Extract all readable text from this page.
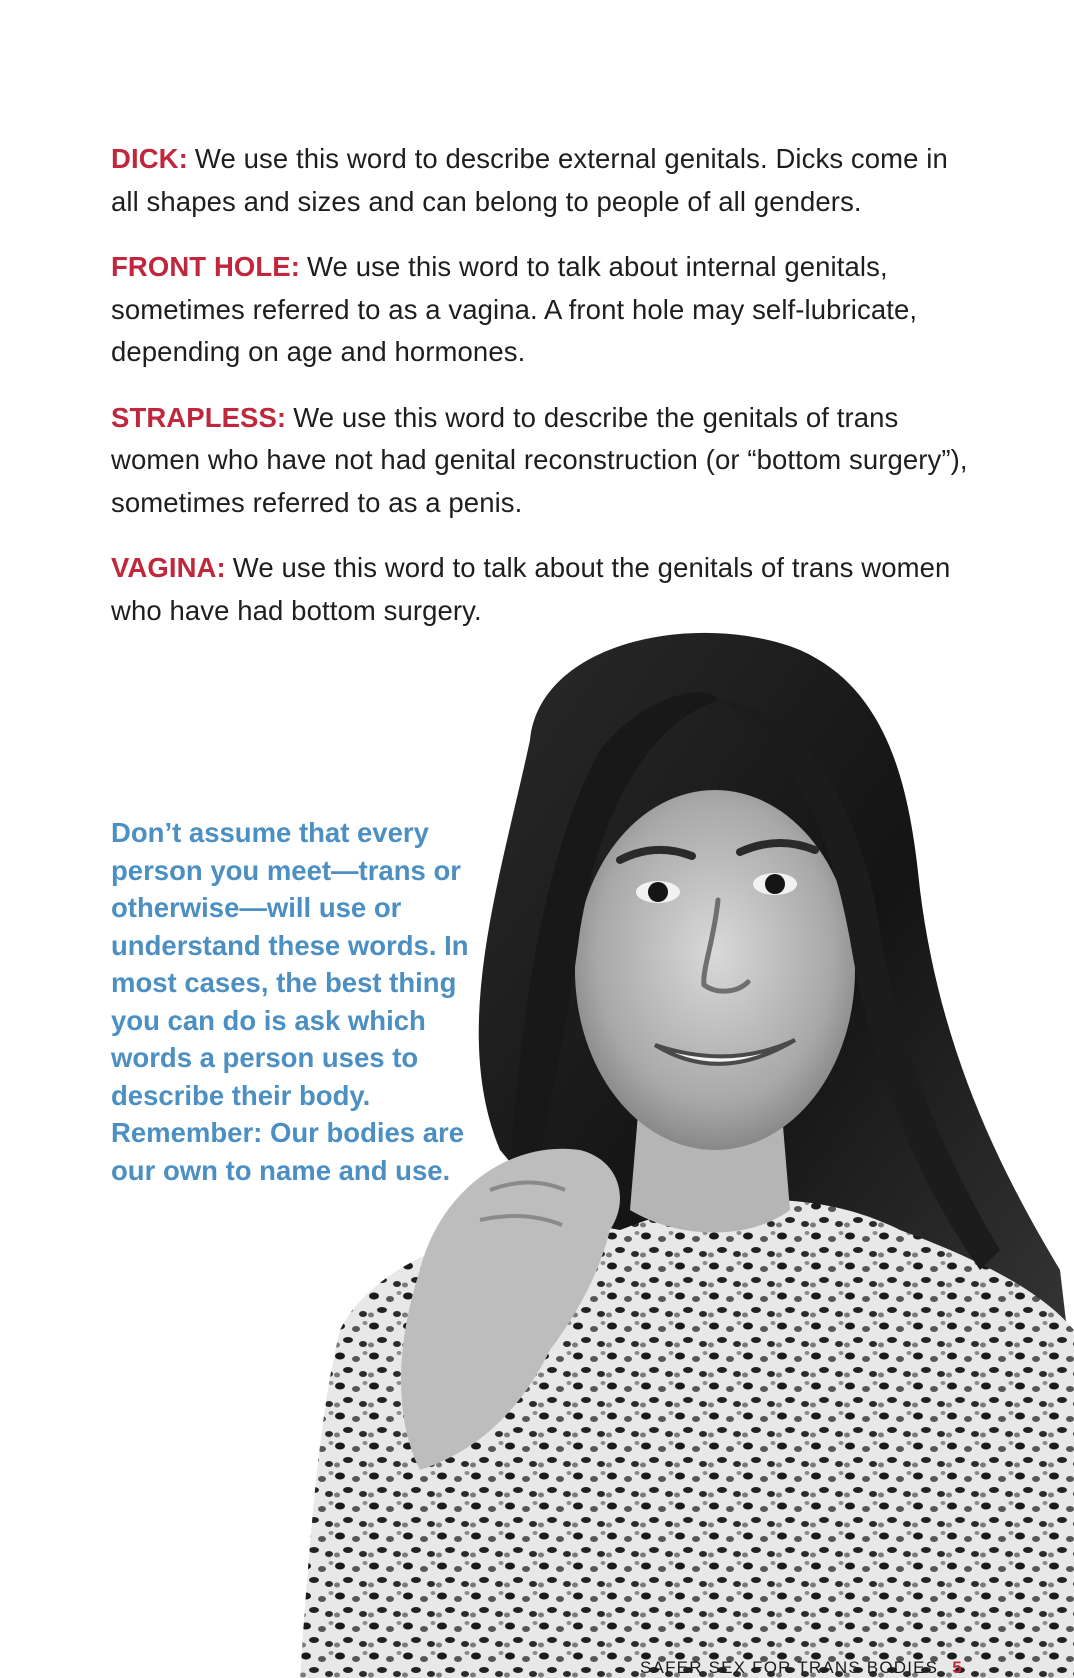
DICK: We use this word to describe external genitals. Dicks come in all shapes and sizes and can belong to people of all genders.

FRONT HOLE: We use this word to talk about internal genitals, sometimes referred to as a vagina. A front hole may self-lubricate, depending on age and hormones.

STRAPLESS: We use this word to describe the genitals of trans women who have not had genital reconstruction (or “bottom surgery”), sometimes referred to as a penis.

VAGINA: We use this word to talk about the genitals of trans women who have had bottom surgery.

Don’t assume that every person you meet—trans or otherwise—will use or understand these words. In most cases, the best thing you can do is ask which words a person uses to describe their body. Remember: Our bodies are our own to name and use.
SAFER SEX FOR TRANS BODIES 5
